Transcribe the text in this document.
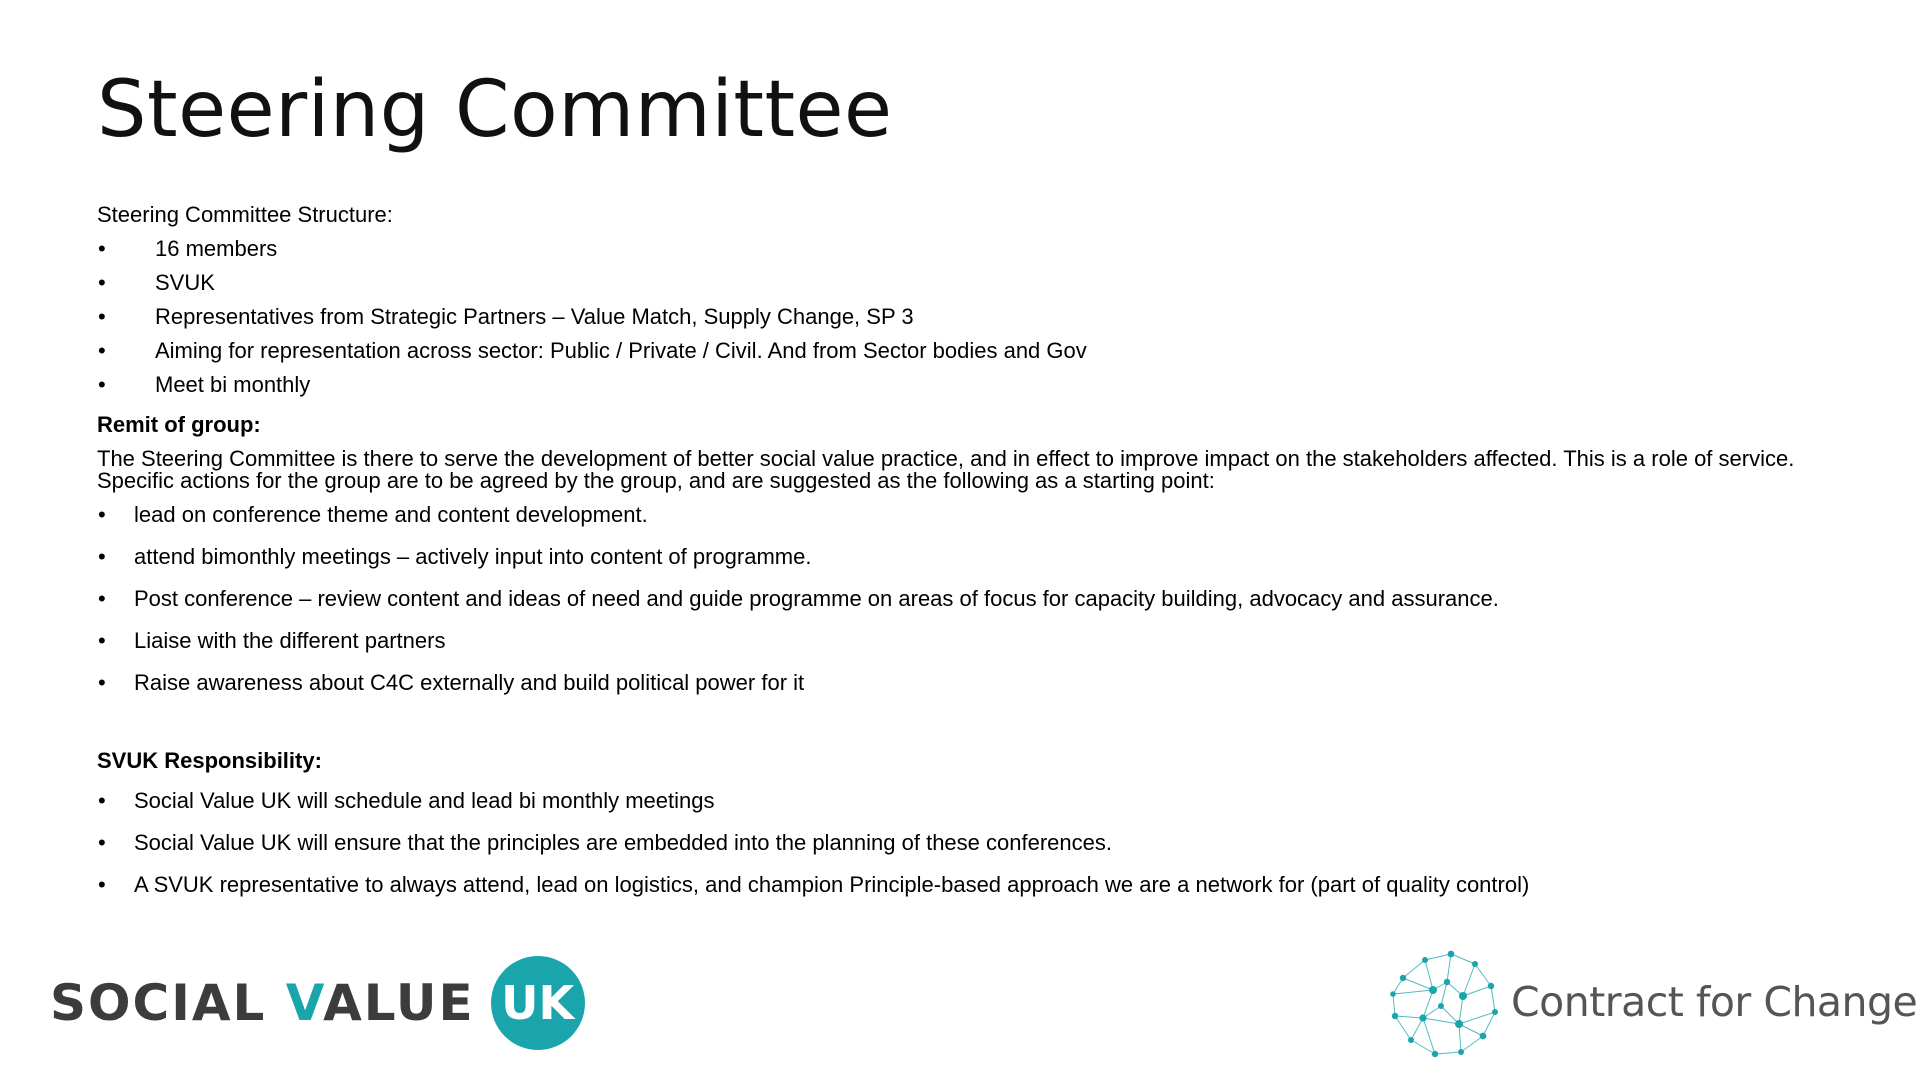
Steering Committee

Steering Committee Structure:

• 16 members
• SVUK
• Representatives from Strategic Partners – Value Match, Supply Change, SP 3
• Aiming for representation across sector: Public / Private / Civil. And from Sector bodies and Gov
• Meet bi monthly

Remit of group:

The Steering Committee is there to serve the development of better social value practice, and in effect to improve impact on the stakeholders affected. This is a role of service. Specific actions for the group are to be agreed by the group, and are suggested as the following as a starting point:

• lead on conference theme and content development.
• attend bimonthly meetings – actively input into content of programme.
• Post conference – review content and ideas of need and guide programme on areas of focus for capacity building, advocacy and assurance.
• Liaise with the different partners
• Raise awareness about C4C externally and build political power for it

SVUK Responsibility:

• Social Value UK will schedule and lead bi monthly meetings
• Social Value UK will ensure that the principles are embedded into the planning of these conferences.
• A SVUK representative to always attend, lead on logistics, and champion Principle-based approach we are a network for (part of quality control)
SOCIAL VALUE UK	Contract for Change
